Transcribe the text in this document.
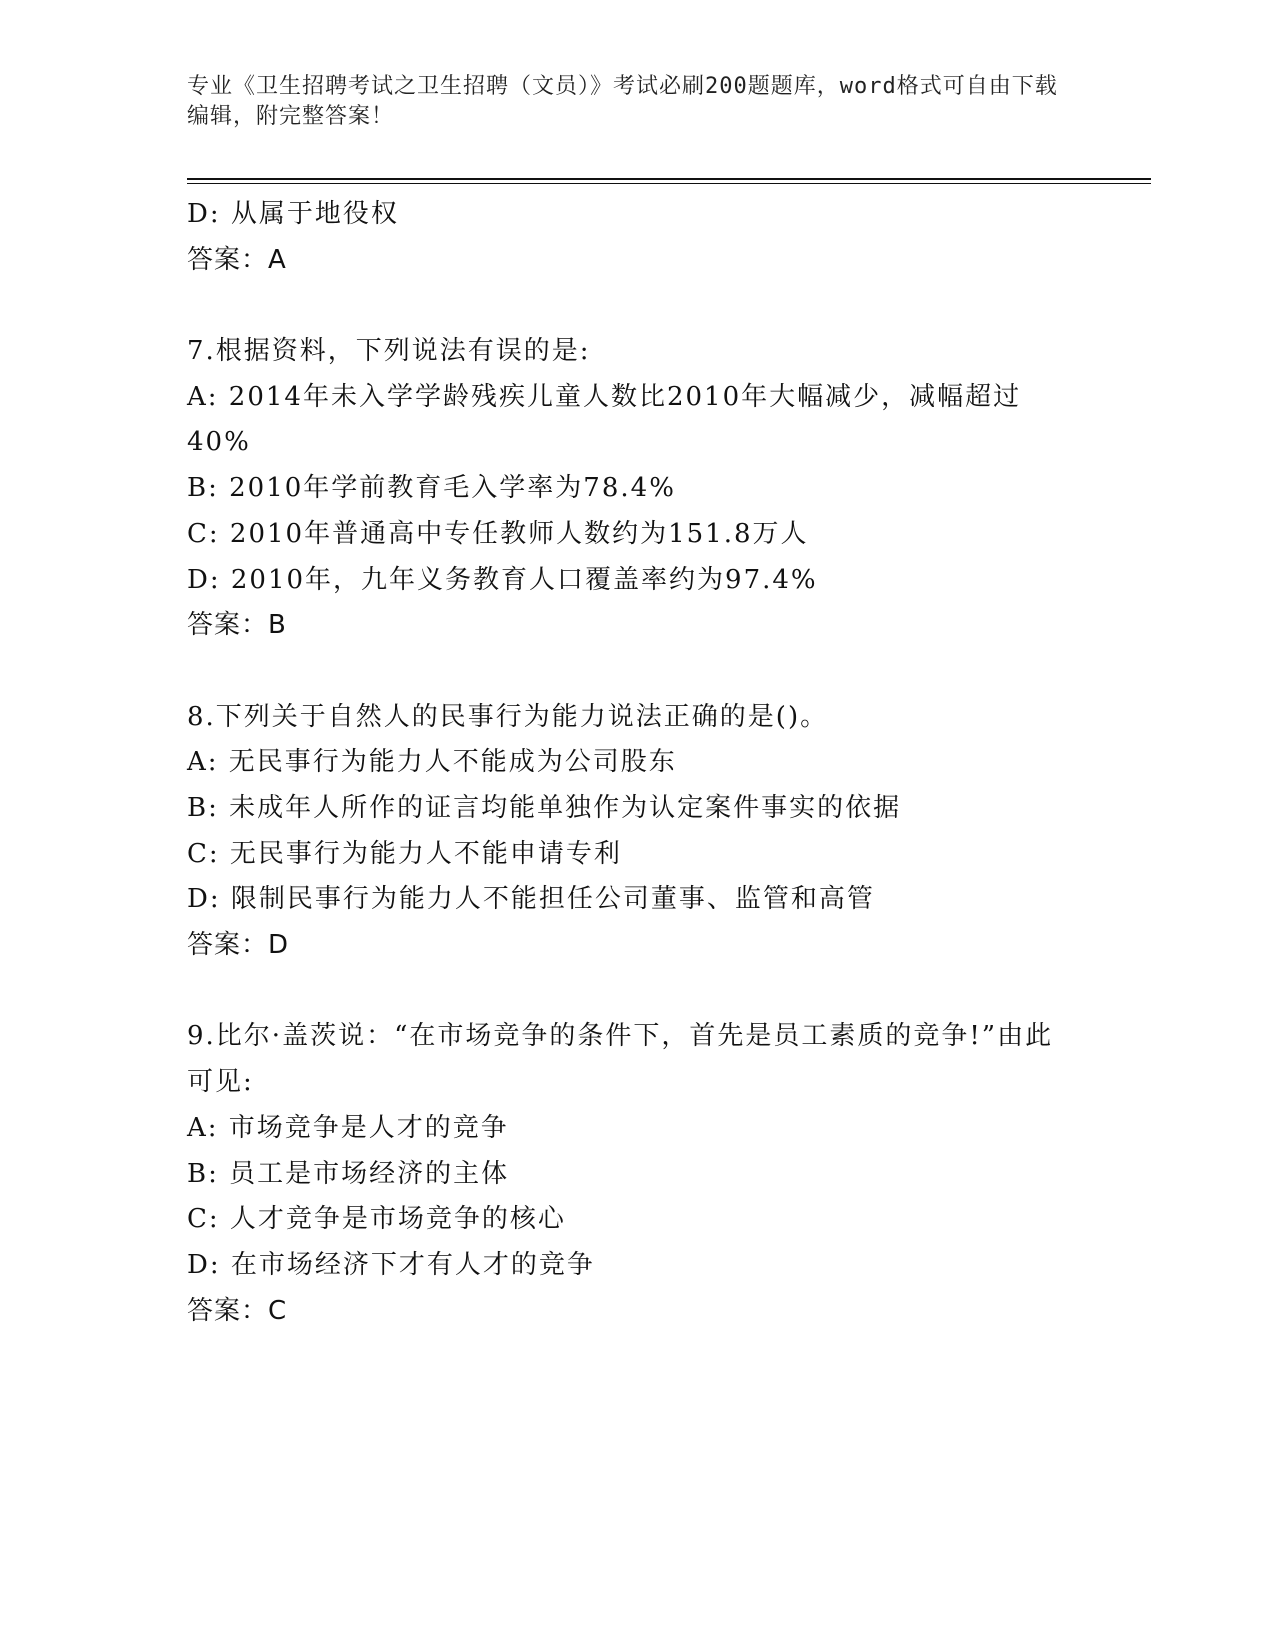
专业《卫生招聘考试之卫生招聘（文员）》考试必刷200题题库，word格式可自由下载编辑，附完整答案！
D: 从属于地役权
答案：A
7.根据资料，下列说法有误的是:
A: 2014年未入学学龄残疾儿童人数比2010年大幅减少，减幅超过40%
B: 2010年学前教育毛入学率为78.4%
C: 2010年普通高中专任教师人数约为151.8万人
D: 2010年，九年义务教育人口覆盖率约为97.4%
答案：B
8.下列关于自然人的民事行为能力说法正确的是()。
A: 无民事行为能力人不能成为公司股东
B: 未成年人所作的证言均能单独作为认定案件事实的依据
C: 无民事行为能力人不能申请专利
D: 限制民事行为能力人不能担任公司董事、监管和高管
答案：D
9.比尔·盖茨说：“在市场竞争的条件下，首先是员工素质的竞争!”由此可见:
A: 市场竞争是人才的竞争
B: 员工是市场经济的主体
C: 人才竞争是市场竞争的核心
D: 在市场经济下才有人才的竞争
答案：C
